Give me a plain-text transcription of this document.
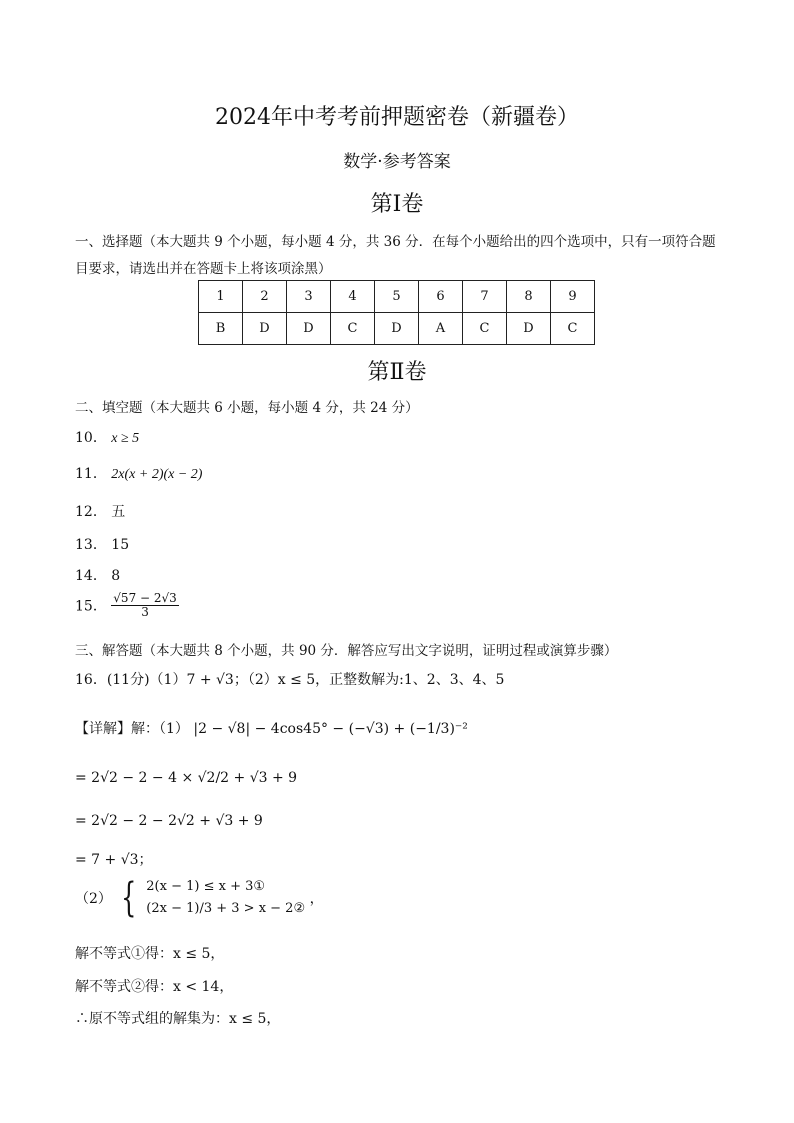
2024年中考考前押题密卷（新疆卷）
数学·参考答案
第Ⅰ卷
一、选择题（本大题共 9 个小题，每小题 4 分，共 36 分．在每个小题给出的四个选项中，只有一项符合题
目要求，请选出并在答题卡上将该项涂黑）
1	2	3	4	5	6	7	8	9
B	D	D	C	D	A	C	D	C
第Ⅱ卷
二、填空题（本大题共 6 小题，每小题 4 分，共 24 分）
10． x ≥ 5
11． 2x(x + 2)(x − 2)
12． 五
13． 15
14． 8
15． $\frac{√57 - 2√3}{3}$
三、解答题（本大题共 8 个小题，共 90 分．解答应写出文字说明，证明过程或演算步骤）
16．(11分)（1）7 + √3；（2）x ≤ 5，正整数解为:1、2、3、4、5
【详解】解：（1） |2 − √8| − 4cos45° − (−√3) + (−1/3)⁻²
= 2√2 − 2 − 4 × √2/2 + √3 + 9
= 2√2 − 2 − 2√2 + √3 + 9
= 7 + √3；
（2） { 2(x − 1) ≤ x + 3①
(2x − 1)/3 + 3 > x − 2②
，
解不等式①得：x ≤ 5，
解不等式②得：x < 14，
∴原不等式组的解集为：x ≤ 5，
